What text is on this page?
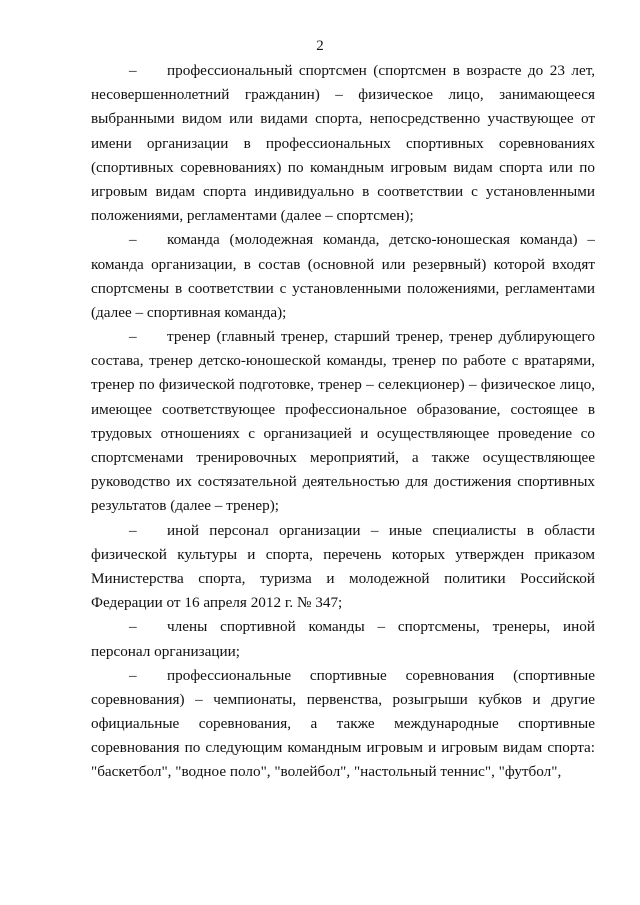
2
–	профессиональный спортсмен (спортсмен в возрасте до 23 лет,
несовершеннолетний гражданин) – физическое лицо, занимающееся
выбранными видом или видами спорта, непосредственно участвующее от
имени организации в профессиональных спортивных соревнованиях
(спортивных соревнованиях) по командным игровым видам спорта или по
игровым видам спорта индивидуально в соответствии с установленными
положениями, регламентами (далее – спортсмен);
–	команда (молодежная команда, детско-юношеская команда) –
команда организации, в состав (основной или резервный) которой входят
спортсмены в соответствии с установленными положениями, регламентами
(далее – спортивная команда);
–	тренер (главный тренер, старший тренер, тренер дублирующего
состава, тренер детско-юношеской команды, тренер по работе с вратарями,
тренер по физической подготовке, тренер – селекционер) – физическое лицо,
имеющее соответствующее профессиональное образование, состоящее в
трудовых отношениях с организацией и осуществляющее проведение со
спортсменами тренировочных мероприятий, а также осуществляющее
руководство их состязательной деятельностью для достижения спортивных
результатов (далее – тренер);
–	иной персонал организации – иные специалисты в области
физической культуры и спорта, перечень которых утвержден приказом
Министерства спорта, туризма и молодежной политики Российской
Федерации от 16 апреля 2012 г. № 347;
–	члены спортивной команды – спортсмены, тренеры, иной
персонал организации;
–	профессиональные спортивные соревнования (спортивные
соревнования) – чемпионаты, первенства, розыгрыши кубков и другие
официальные соревнования, а также международные спортивные
соревнования по следующим командным игровым и игровым видам спорта:
"баскетбол", "водное поло", "волейбол", "настольный теннис", "футбол",
